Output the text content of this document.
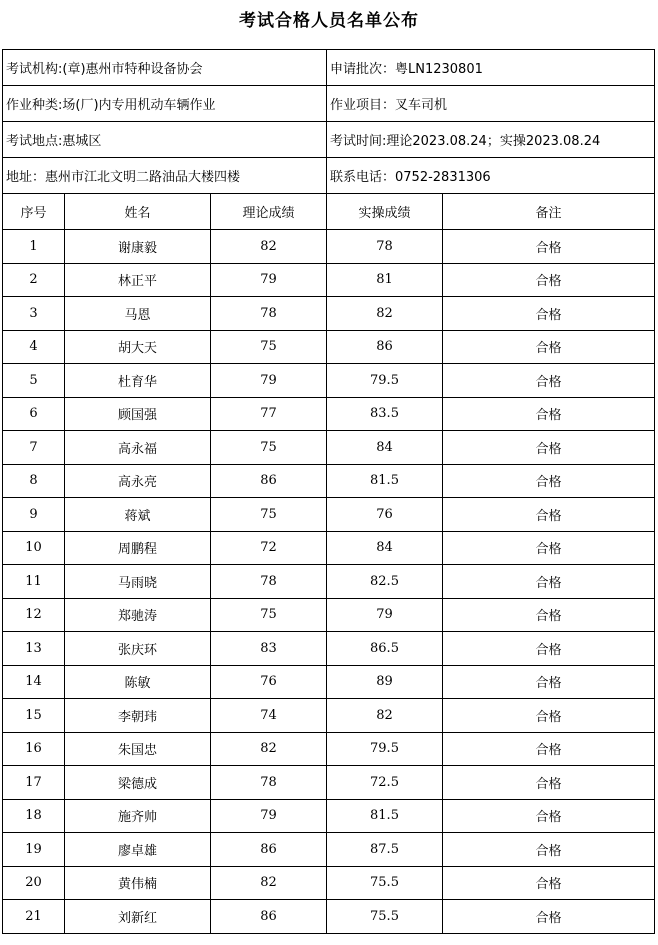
考试合格人员名单公布
考试机构:(章)惠州市特种设备协会			申请批次：粤LN1230801	
作业种类:场(厂)内专用机动车辆作业			作业项目：叉车司机	
考试地点:惠城区			考试时间:理论2023.08.24；实操2023.08.24	
地址：惠州市江北文明二路油品大楼四楼			联系电话：0752-2831306	
序号	姓名	理论成绩	实操成绩	备注
1	谢康毅	82	78	合格
2	林正平	79	81	合格
3	马恩	78	82	合格
4	胡大天	75	86	合格
5	杜育华	79	79.5	合格
6	顾国强	77	83.5	合格
7	高永福	75	84	合格
8	高永亮	86	81.5	合格
9	蒋斌	75	76	合格
10	周鹏程	72	84	合格
11	马雨晓	78	82.5	合格
12	郑驰涛	75	79	合格
13	张庆环	83	86.5	合格
14	陈敏	76	89	合格
15	李朝玮	74	82	合格
16	朱国忠	82	79.5	合格
17	梁德成	78	72.5	合格
18	施齐帅	79	81.5	合格
19	廖卓雄	86	87.5	合格
20	黄伟楠	82	75.5	合格
21	刘新红	86	75.5	合格
